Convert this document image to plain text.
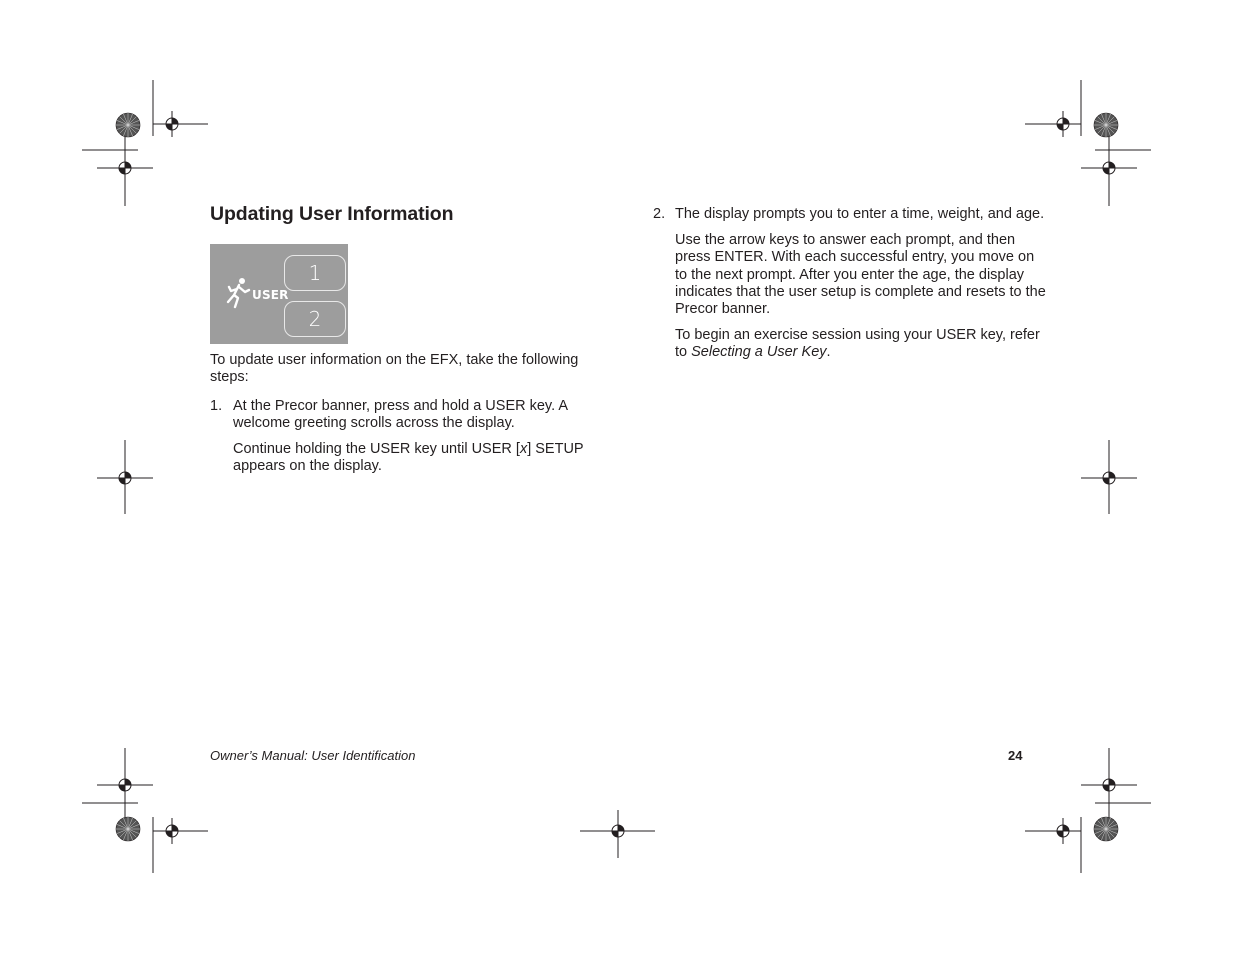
Updating User Information
USER
1
2

To update user information on the EFX, take the following steps:

1. At the Precor banner, press and hold a USER key. A welcome greeting scrolls across the display.

Continue holding the USER key until USER [x] SETUP appears on the display.

2. The display prompts you to enter a time, weight, and age.

Use the arrow keys to answer each prompt, and then press ENTER. With each successful entry, you move on to the next prompt. After you enter the age, the display indicates that the user setup is complete and resets to the Precor banner.

To begin an exercise session using your USER key, refer to Selecting a User Key.

Owner’s Manual: User Identification	24
